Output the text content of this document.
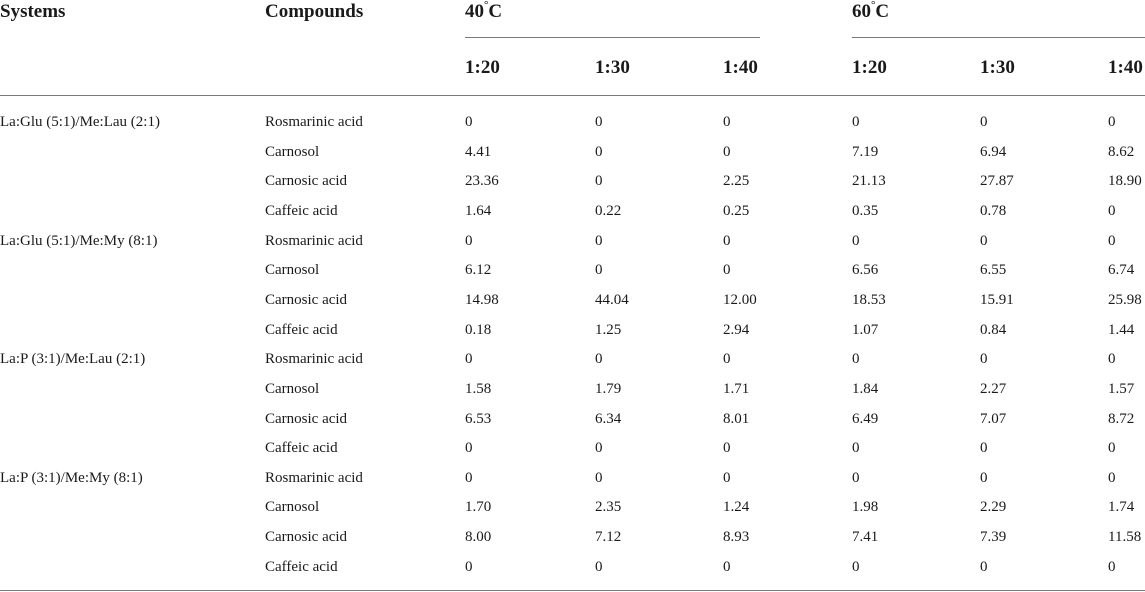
Systems	Compounds	40°C	60°C
1:20	1:30	1:40	1:20	1:30	1:40
La:Glu (5:1)/Me:Lau (2:1)	Rosmarinic acid	0	0	0	0	0	0
Carnosol	4.41	0	0	7.19	6.94	8.62
Carnosic acid	23.36	0	2.25	21.13	27.87	18.90
Caffeic acid	1.64	0.22	0.25	0.35	0.78	0
La:Glu (5:1)/Me:My (8:1)	Rosmarinic acid	0	0	0	0	0	0
Carnosol	6.12	0	0	6.56	6.55	6.74
Carnosic acid	14.98	44.04	12.00	18.53	15.91	25.98
Caffeic acid	0.18	1.25	2.94	1.07	0.84	1.44
La:P (3:1)/Me:Lau (2:1)	Rosmarinic acid	0	0	0	0	0	0
Carnosol	1.58	1.79	1.71	1.84	2.27	1.57
Carnosic acid	6.53	6.34	8.01	6.49	7.07	8.72
Caffeic acid	0	0	0	0	0	0
La:P (3:1)/Me:My (8:1)	Rosmarinic acid	0	0	0	0	0	0
Carnosol	1.70	2.35	1.24	1.98	2.29	1.74
Carnosic acid	8.00	7.12	8.93	7.41	7.39	11.58
Caffeic acid	0	0	0	0	0	0
